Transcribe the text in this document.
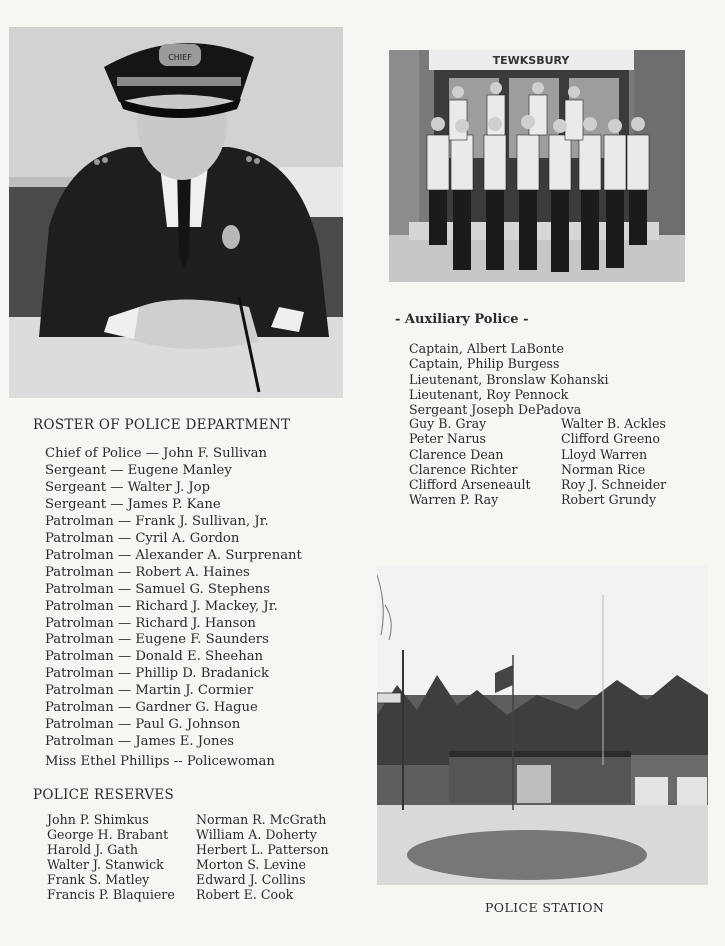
CHIEF	TEWKSBURY
ROSTER OF POLICE DEPARTMENT
Chief of Police — John F. Sullivan
Sergeant — Eugene Manley
Sergeant — Walter J. Jop
Sergeant — James P. Kane
Patrolman — Frank J. Sullivan, Jr.
Patrolman — Cyril A. Gordon
Patrolman — Alexander A. Surprenant
Patrolman — Robert A. Haines
Patrolman — Samuel G. Stephens
Patrolman — Richard J. Mackey, Jr.
Patrolman — Richard J. Hanson
Patrolman — Eugene F. Saunders
Patrolman — Donald E. Sheehan
Patrolman — Phillip D. Bradanick
Patrolman — Martin J. Cormier
Patrolman — Gardner G. Hague
Patrolman — Paul G. Johnson
Patrolman — James E. Jones
Miss Ethel Phillips -- Policewoman
POLICE RESERVES
John P. Shimkus
George H. Brabant
Harold J. Gath
Walter J. Stanwick
Frank S. Matley
Francis P. Blaquiere
Norman R. McGrath
William A. Doherty
Herbert L. Patterson
Morton S. Levine
Edward J. Collins
Robert E. Cook
- Auxiliary Police -
Captain, Albert LaBonte
Captain, Philip Burgess
Lieutenant, Bronslaw Kohanski
Lieutenant, Roy Pennock
Sergeant Joseph DePadova
Guy B. Gray
Peter Narus
Clarence Dean
Clarence Richter
Clifford Arseneault
Warren P. Ray
Walter B. Ackles
Clifford Greeno
Lloyd Warren
Norman Rice
Roy J. Schneider
Robert Grundy
POLICE STATION
